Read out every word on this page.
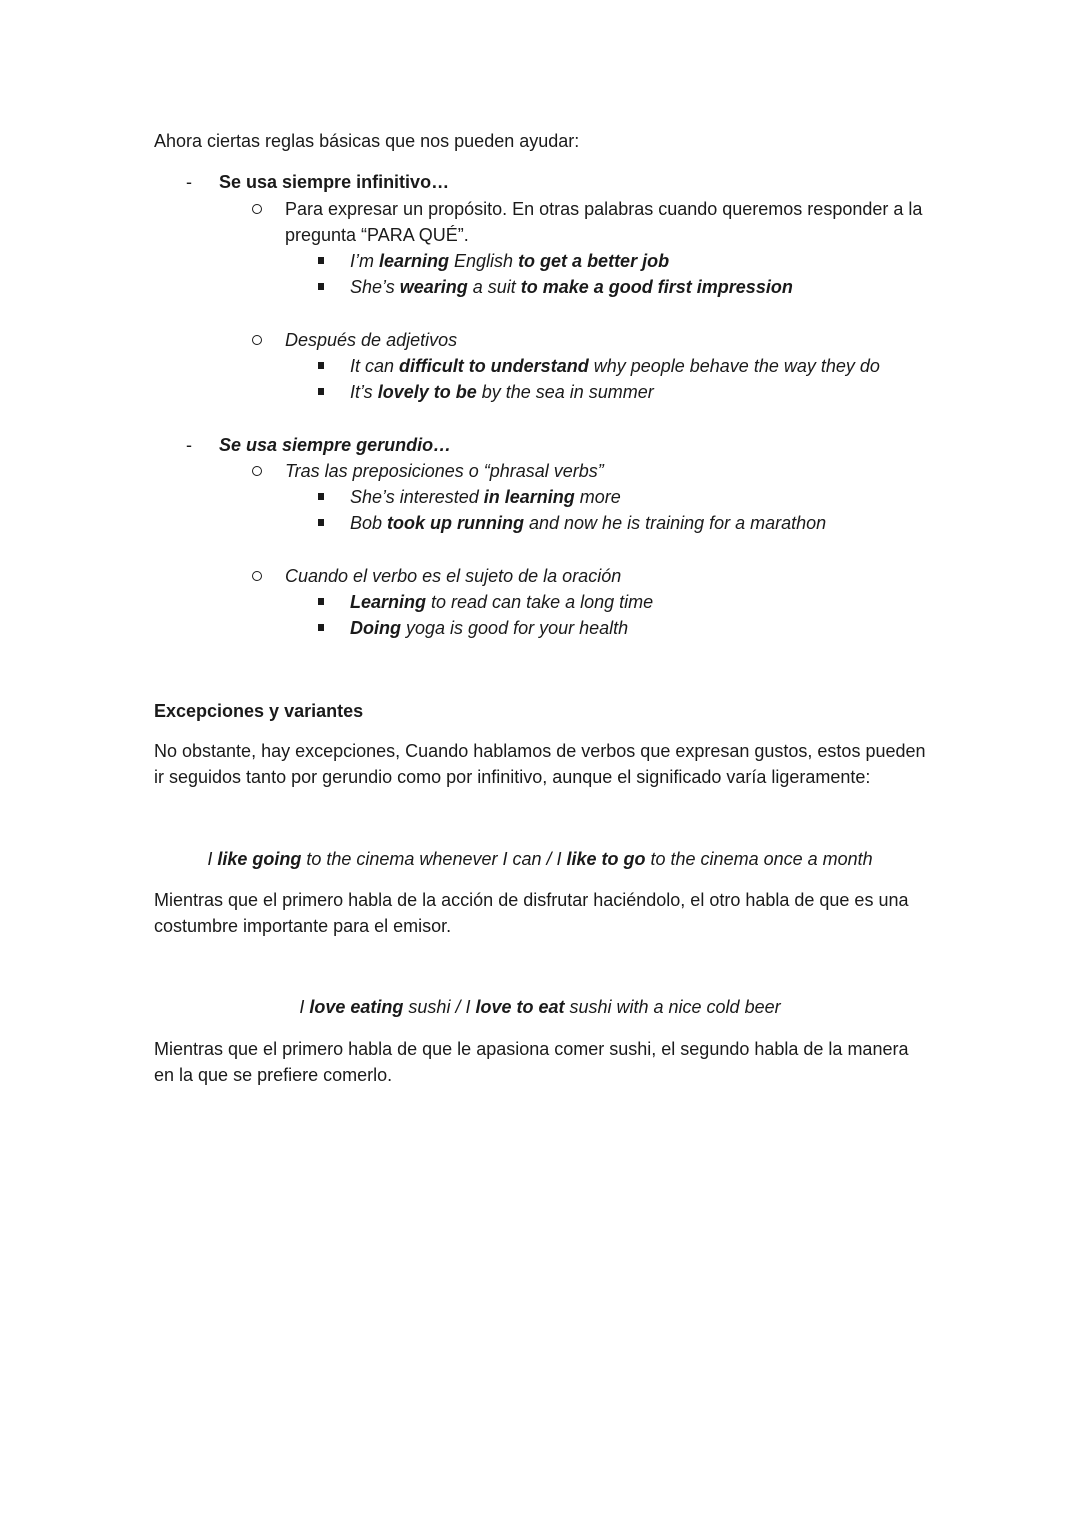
Ahora ciertas reglas básicas que nos pueden ayudar:
- Se usa siempre infinitivo…
Para expresar un propósito. En otras palabras cuando queremos responder a la
pregunta “PARA QUÉ”.
I’m learning English to get a better job
She’s wearing a suit to make a good first impression
Después de adjetivos
It can difficult to understand why people behave the way they do
It’s lovely to be by the sea in summer
- Se usa siempre gerundio…
Tras las preposiciones o “phrasal verbs”
She’s interested in learning more
Bob took up running and now he is training for a marathon
Cuando el verbo es el sujeto de la oración
Learning to read can take a long time
Doing yoga is good for your health
Excepciones y variantes
No obstante, hay excepciones, Cuando hablamos de verbos que expresan gustos, estos pueden
ir seguidos tanto por gerundio como por infinitivo, aunque el significado varía ligeramente:
I like going to the cinema whenever I can / I like to go to the cinema once a month
Mientras que el primero habla de la acción de disfrutar haciéndolo, el otro habla de que es una
costumbre importante para el emisor.
I love eating sushi / I love to eat sushi with a nice cold beer
Mientras que el primero habla de que le apasiona comer sushi, el segundo habla de la manera
en la que se prefiere comerlo.
